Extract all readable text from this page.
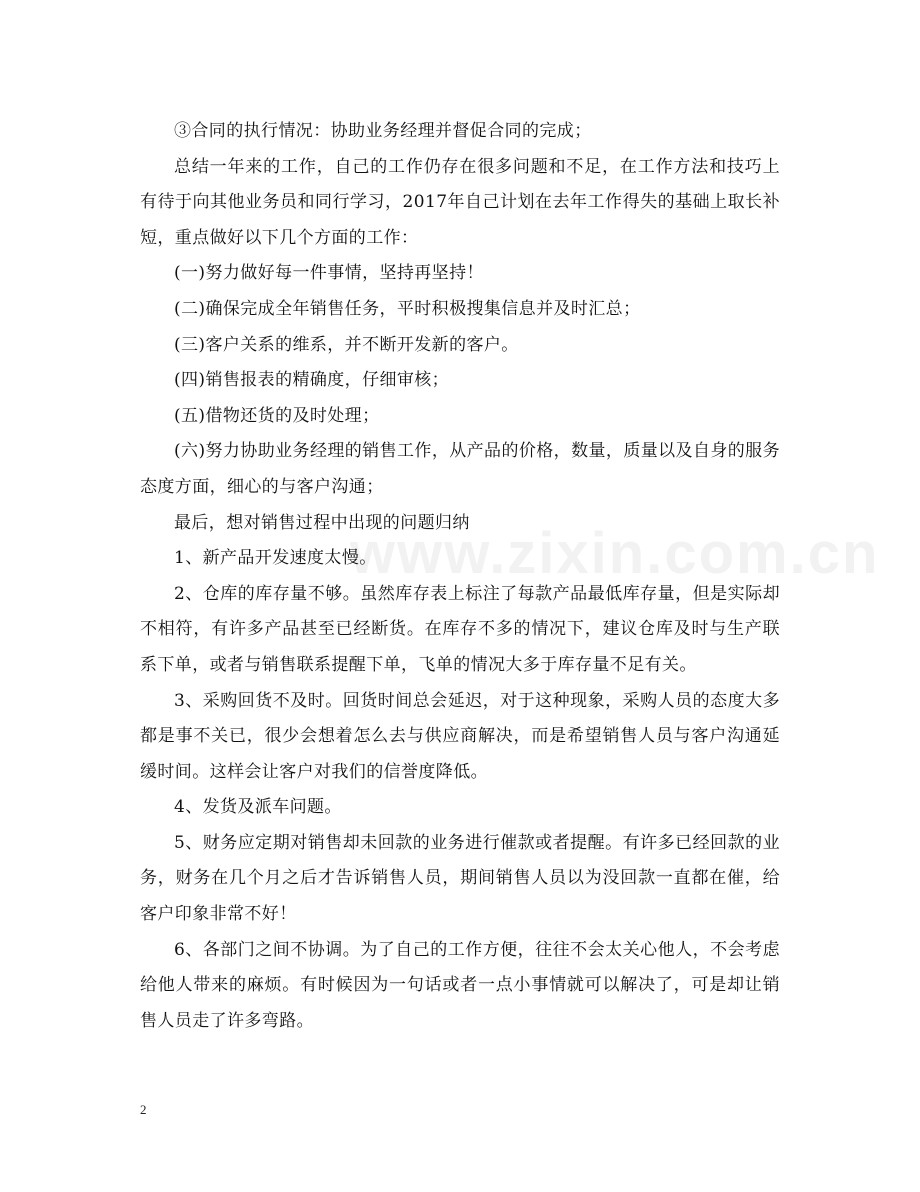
www.zixin.com.cn

③合同的执行情况：协助业务经理并督促合同的完成；

总结一年来的工作，自己的工作仍存在很多问题和不足，在工作方法和技巧上有待于向其他业务员和同行学习，2017年自己计划在去年工作得失的基础上取长补短，重点做好以下几个方面的工作：

(一)努力做好每一件事情，坚持再坚持！

(二)确保完成全年销售任务，平时积极搜集信息并及时汇总；

(三)客户关系的维系，并不断开发新的客户。

(四)销售报表的精确度，仔细审核；

(五)借物还货的及时处理；

(六)努力协助业务经理的销售工作，从产品的价格，数量，质量以及自身的服务态度方面，细心的与客户沟通；

最后，想对销售过程中出现的问题归纳

1、新产品开发速度太慢。

2、仓库的库存量不够。虽然库存表上标注了每款产品最低库存量，但是实际却不相符，有许多产品甚至已经断货。在库存不多的情况下，建议仓库及时与生产联系下单，或者与销售联系提醒下单，飞单的情况大多于库存量不足有关。

3、采购回货不及时。回货时间总会延迟，对于这种现象，采购人员的态度大多都是事不关已，很少会想着怎么去与供应商解决，而是希望销售人员与客户沟通延缓时间。这样会让客户对我们的信誉度降低。

4、发货及派车问题。

5、财务应定期对销售却未回款的业务进行催款或者提醒。有许多已经回款的业务，财务在几个月之后才告诉销售人员，期间销售人员以为没回款一直都在催，给客户印象非常不好！

6、各部门之间不协调。为了自己的工作方便，往往不会太关心他人，不会考虑给他人带来的麻烦。有时候因为一句话或者一点小事情就可以解决了，可是却让销售人员走了许多弯路。

2
